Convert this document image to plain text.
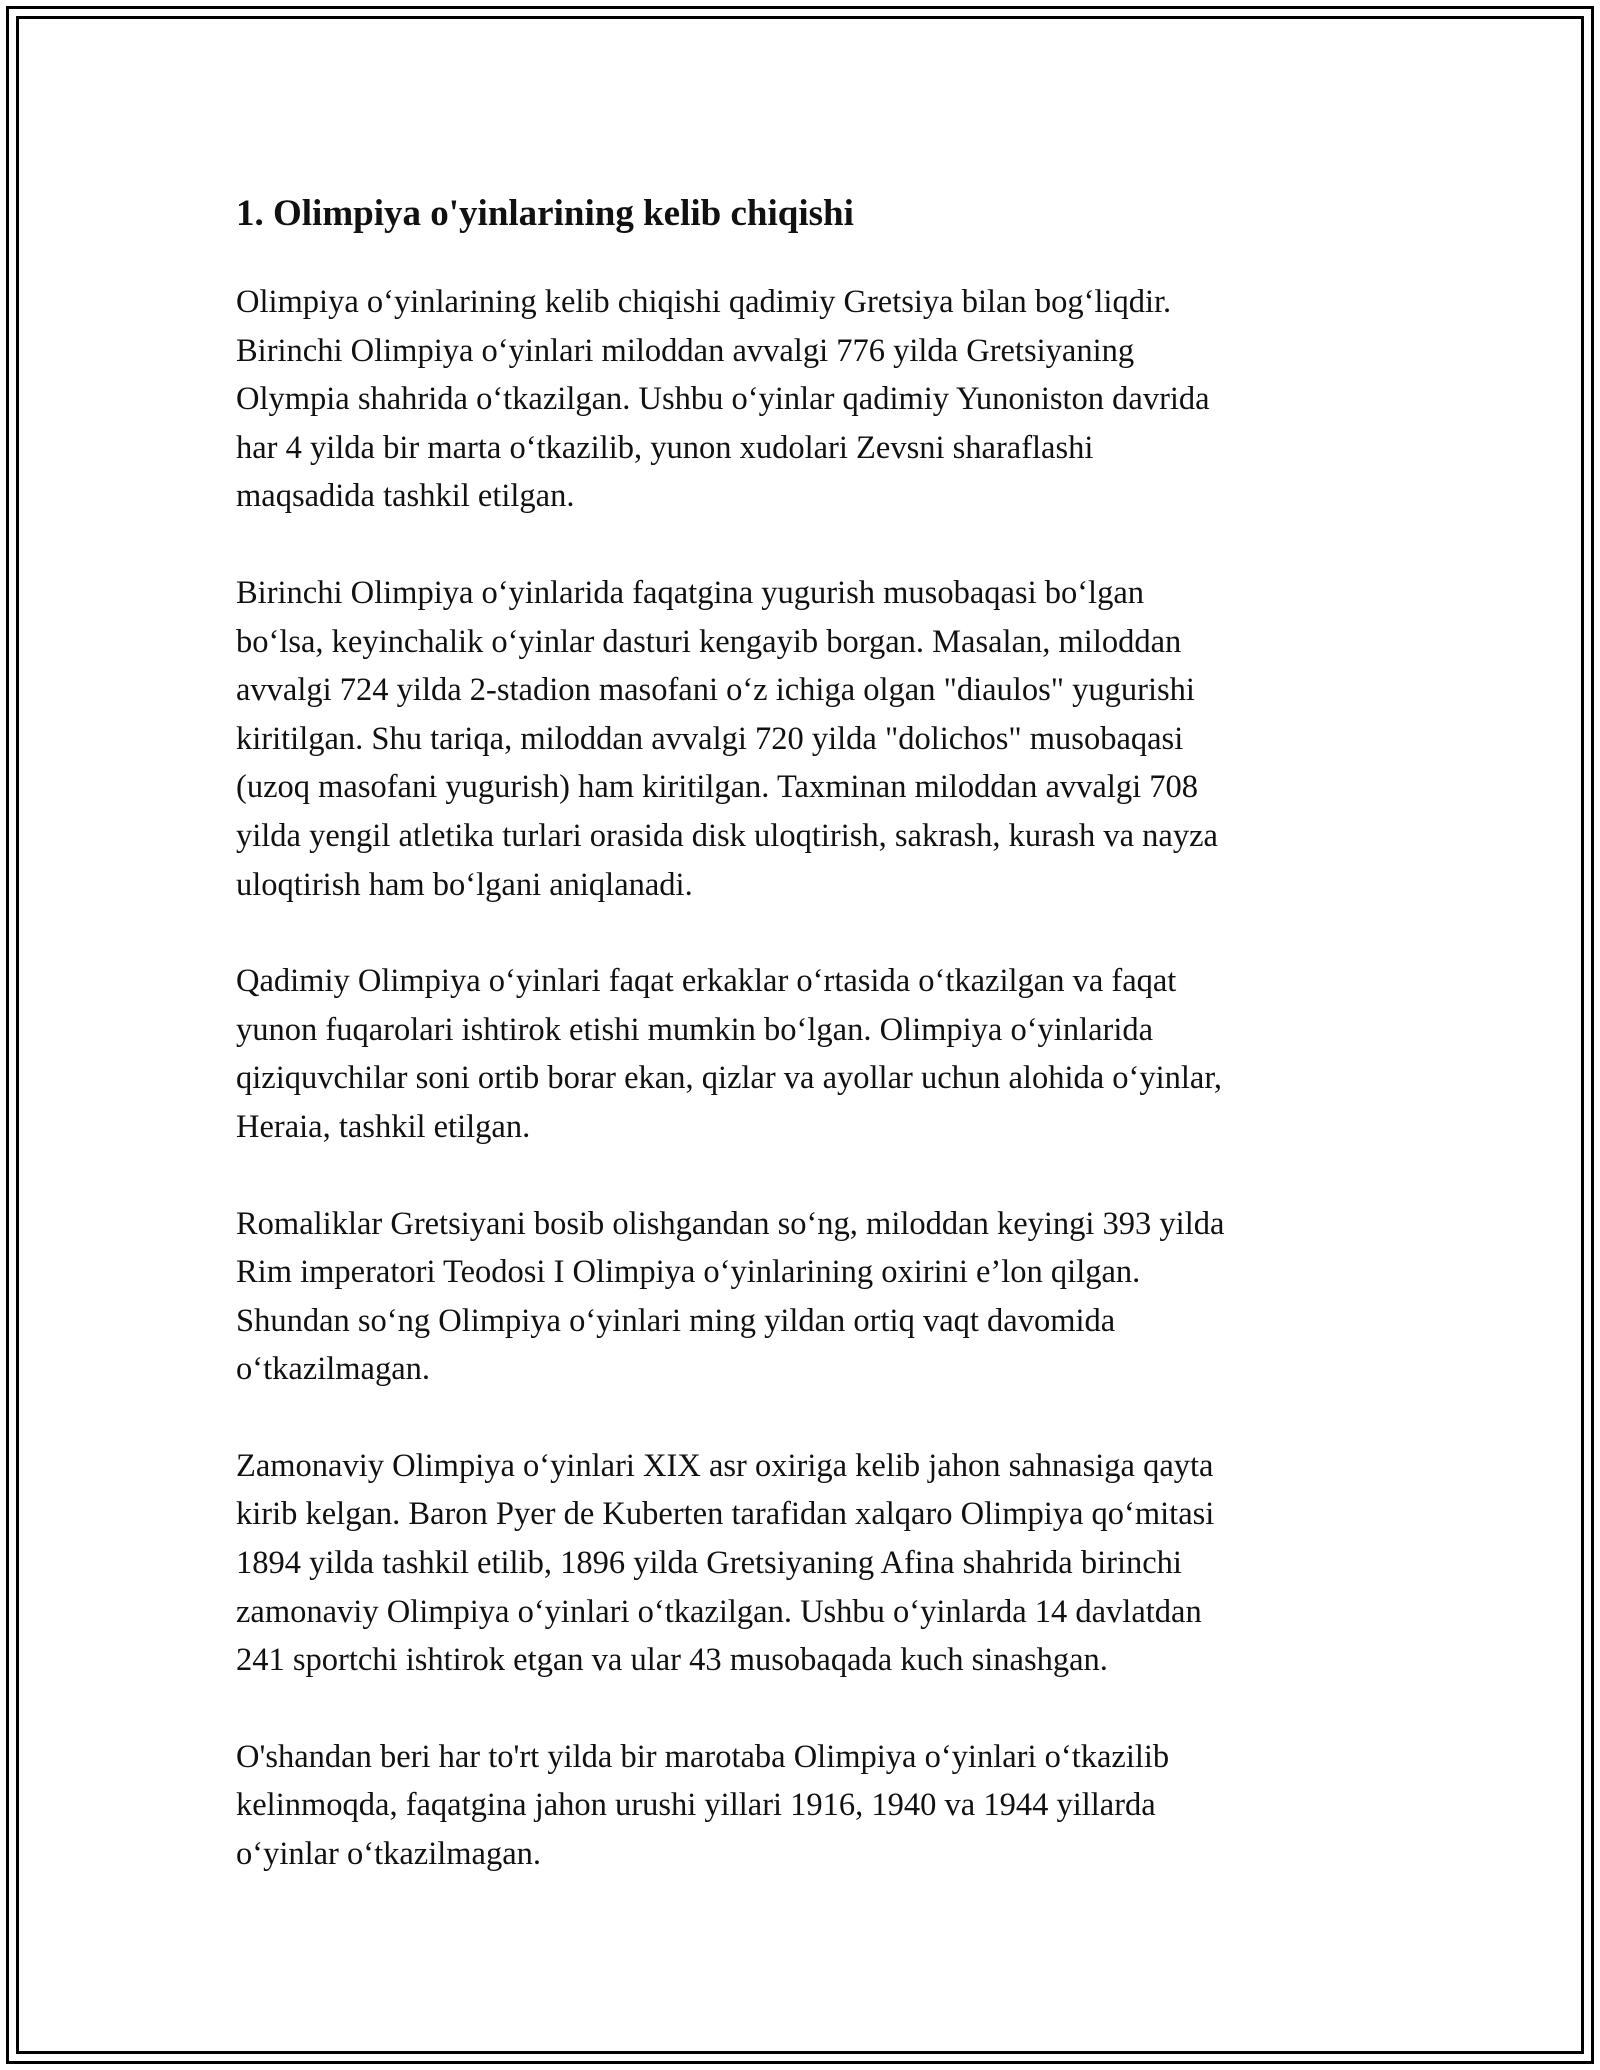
1. Olimpiya o'yinlarining kelib chiqishi

Olimpiya o‘yinlarining kelib chiqishi qadimiy Gretsiya bilan bog‘liqdir.
Birinchi Olimpiya o‘yinlari miloddan avvalgi 776 yilda Gretsiyaning
Olympia shahrida o‘tkazilgan. Ushbu o‘yinlar qadimiy Yunoniston davrida
har 4 yilda bir marta o‘tkazilib, yunon xudolari Zevsni sharaflashi
maqsadida tashkil etilgan.

Birinchi Olimpiya o‘yinlarida faqatgina yugurish musobaqasi bo‘lgan
bo‘lsa, keyinchalik o‘yinlar dasturi kengayib borgan. Masalan, miloddan
avvalgi 724 yilda 2-stadion masofani o‘z ichiga olgan "diaulos" yugurishi
kiritilgan. Shu tariqa, miloddan avvalgi 720 yilda "dolichos" musobaqasi
(uzoq masofani yugurish) ham kiritilgan. Taxminan miloddan avvalgi 708
yilda yengil atletika turlari orasida disk uloqtirish, sakrash, kurash va nayza
uloqtirish ham bo‘lgani aniqlanadi.

Qadimiy Olimpiya o‘yinlari faqat erkaklar o‘rtasida o‘tkazilgan va faqat
yunon fuqarolari ishtirok etishi mumkin bo‘lgan. Olimpiya o‘yinlarida
qiziquvchilar soni ortib borar ekan, qizlar va ayollar uchun alohida o‘yinlar,
Heraia, tashkil etilgan.

Romaliklar Gretsiyani bosib olishgandan so‘ng, miloddan keyingi 393 yilda
Rim imperatori Teodosi I Olimpiya o‘yinlarining oxirini e’lon qilgan.
Shundan so‘ng Olimpiya o‘yinlari ming yildan ortiq vaqt davomida
o‘tkazilmagan.

Zamonaviy Olimpiya o‘yinlari XIX asr oxiriga kelib jahon sahnasiga qayta
kirib kelgan. Baron Pyer de Kuberten tarafidan xalqaro Olimpiya qo‘mitasi
1894 yilda tashkil etilib, 1896 yilda Gretsiyaning Afina shahrida birinchi
zamonaviy Olimpiya o‘yinlari o‘tkazilgan. Ushbu o‘yinlarda 14 davlatdan
241 sportchi ishtirok etgan va ular 43 musobaqada kuch sinashgan.

O'shandan beri har to'rt yilda bir marotaba Olimpiya o‘yinlari o‘tkazilib
kelinmoqda, faqatgina jahon urushi yillari 1916, 1940 va 1944 yillarda
o‘yinlar o‘tkazilmagan.
